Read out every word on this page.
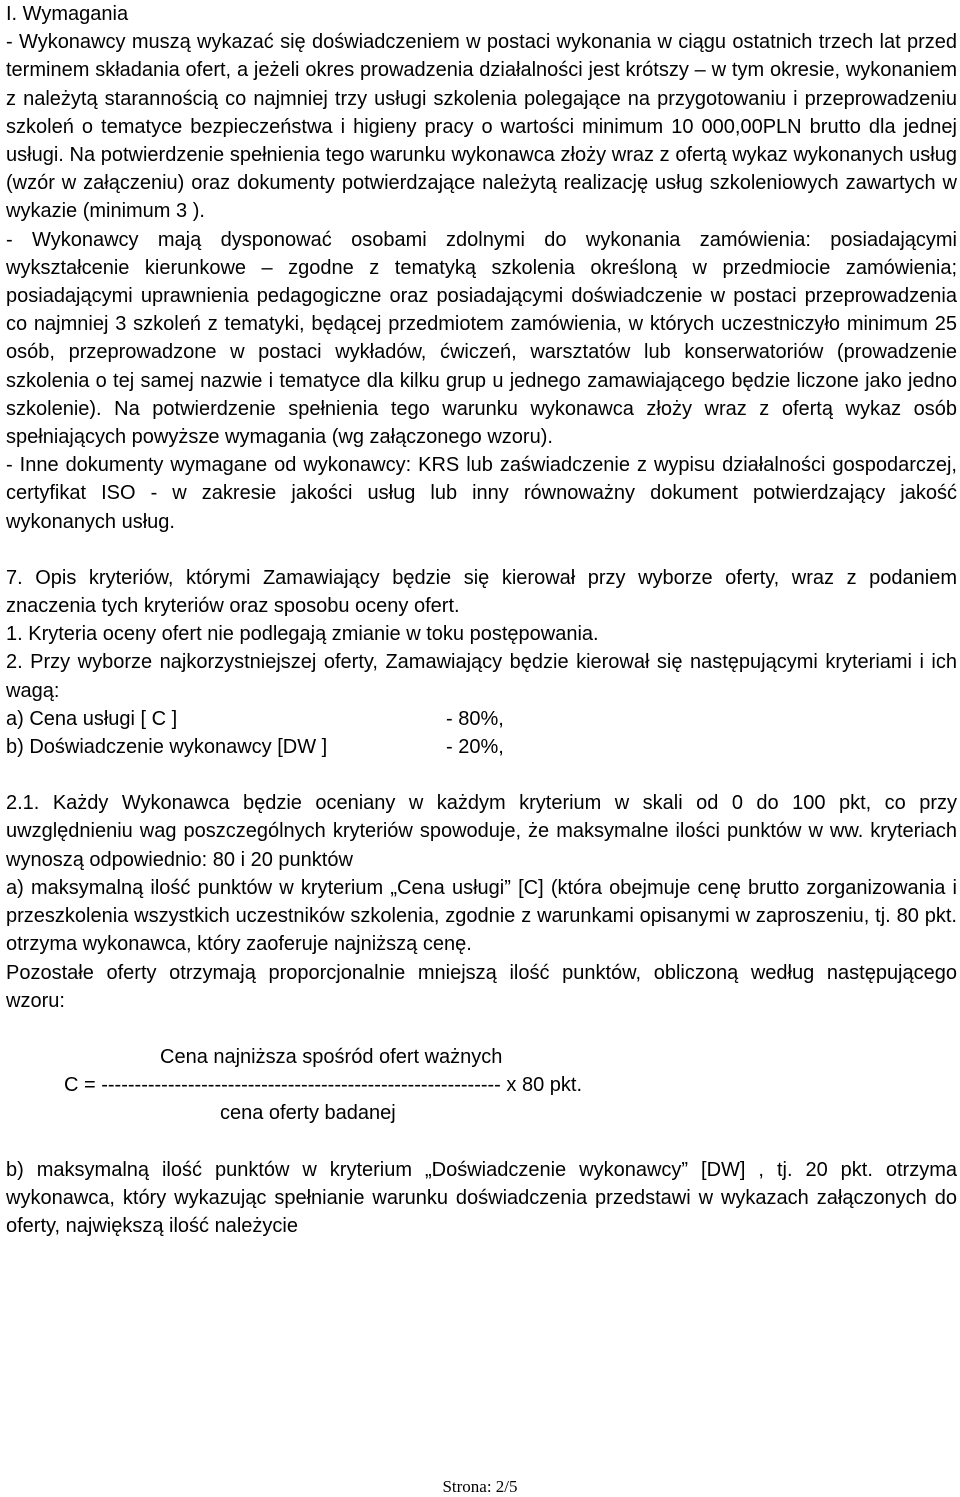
I. Wymagania

- Wykonawcy muszą wykazać się doświadczeniem w postaci wykonania w ciągu ostatnich trzech lat przed terminem składania ofert, a jeżeli okres prowadzenia działalności jest krótszy – w tym okresie, wykonaniem z należytą starannością co najmniej trzy usługi szkolenia polegające na przygotowaniu i przeprowadzeniu szkoleń o tematyce bezpieczeństwa i higieny pracy o wartości minimum 10 000,00PLN brutto dla jednej usługi. Na potwierdzenie spełnienia tego warunku wykonawca złoży wraz z ofertą wykaz wykonanych usług (wzór w załączeniu) oraz dokumenty potwierdzające należytą realizację usług szkoleniowych zawartych w wykazie (minimum 3 ).

- Wykonawcy mają dysponować osobami zdolnymi do wykonania zamówienia: posiadającymi wykształcenie kierunkowe – zgodne z tematyką szkolenia określoną w przedmiocie zamówienia; posiadającymi uprawnienia pedagogiczne oraz posiadającymi doświadczenie w postaci przeprowadzenia co najmniej 3 szkoleń z tematyki, będącej przedmiotem zamówienia, w których uczestniczyło minimum 25 osób, przeprowadzone w postaci wykładów, ćwiczeń, warsztatów lub konserwatoriów (prowadzenie szkolenia o tej samej nazwie i tematyce dla kilku grup u jednego zamawiającego będzie liczone jako jedno szkolenie). Na potwierdzenie spełnienia tego warunku wykonawca złoży wraz z ofertą wykaz osób spełniających powyższe wymagania (wg załączonego wzoru).

- Inne dokumenty wymagane od wykonawcy: KRS lub zaświadczenie z wypisu działalności gospodarczej, certyfikat ISO - w zakresie jakości usług lub inny równoważny dokument potwierdzający jakość wykonanych usług.

7. Opis kryteriów, którymi Zamawiający będzie się kierował przy wyborze oferty, wraz z podaniem znaczenia tych kryteriów oraz sposobu oceny ofert.

1. Kryteria oceny ofert nie podlegają zmianie w toku postępowania.

2. Przy wyborze najkorzystniejszej oferty, Zamawiający będzie kierował się następującymi kryteriami i ich wagą:

a) Cena usługi [ C ]	- 80%,
b) Doświadczenie wykonawcy [DW ]	- 20%,

2.1. Każdy Wykonawca będzie oceniany w każdym kryterium w skali od 0 do 100 pkt, co przy uwzględnieniu wag poszczególnych kryteriów spowoduje, że maksymalne ilości punktów w ww. kryteriach wynoszą odpowiednio: 80 i 20 punktów

a) maksymalną ilość punktów w kryterium „Cena usługi” [C] (która obejmuje cenę brutto zorganizowania i przeszkolenia wszystkich uczestników szkolenia, zgodnie z warunkami opisanymi w zaproszeniu, tj. 80 pkt. otrzyma wykonawca, który zaoferuje najniższą cenę.

Pozostałe oferty otrzymają proporcjonalnie mniejszą ilość punktów, obliczoną według następującego wzoru:

Cena najniższa spośród ofert ważnych
C = ------------------------------------------------------------ x 80 pkt.
cena oferty badanej

b) maksymalną ilość punktów w kryterium „Doświadczenie wykonawcy” [DW] , tj. 20 pkt. otrzyma wykonawca, który wykazując spełnianie warunku doświadczenia przedstawi w wykazach załączonych do oferty, największą ilość należycie

Strona: 2/5
